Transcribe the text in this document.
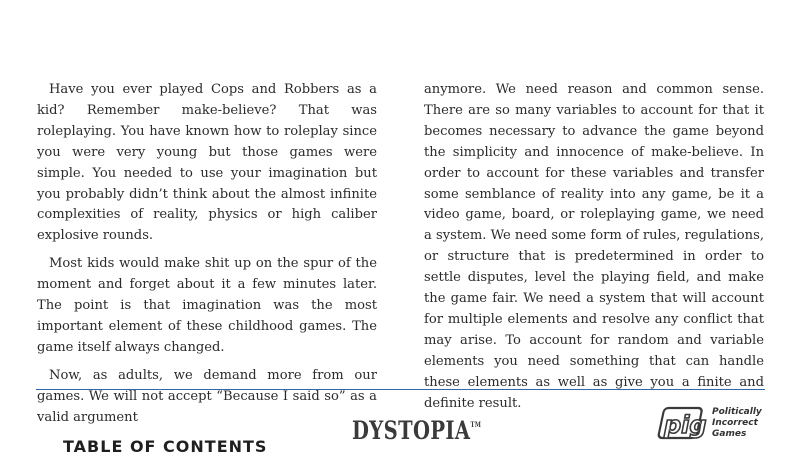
Have you ever played Cops and Robbers as a kid? Remember make-believe? That was roleplaying. You have known how to roleplay since you were very young but those games were simple. You needed to use your imagination but you probably didn’t think about the almost infinite complexities of reality, physics or high caliber explosive rounds.

Most kids would make shit up on the spur of the moment and forget about it a few minutes later. The point is that imagination was the most important element of these childhood games. The game itself always changed.

Now, as adults, we demand more from our games. We will not accept “Because I said so” as a valid argument

anymore. We need reason and common sense. There are so many variables to account for that it becomes necessary to advance the game beyond the simplicity and innocence of make-believe. In order to account for these variables and transfer some semblance of reality into any game, be it a video game, board, or roleplaying game, we need a system. We need some form of rules, regulations, or structure that is predetermined in order to settle disputes, level the playing field, and make the game fair. We need a system that will account for multiple elements and resolve any conflict that may arise. To account for random and variable elements you need something that can handle these elements as well as give you a finite and definite result.

TABLE OF CONTENTS
DYSTOPIA™	pig Politically
Incorrect
Games
